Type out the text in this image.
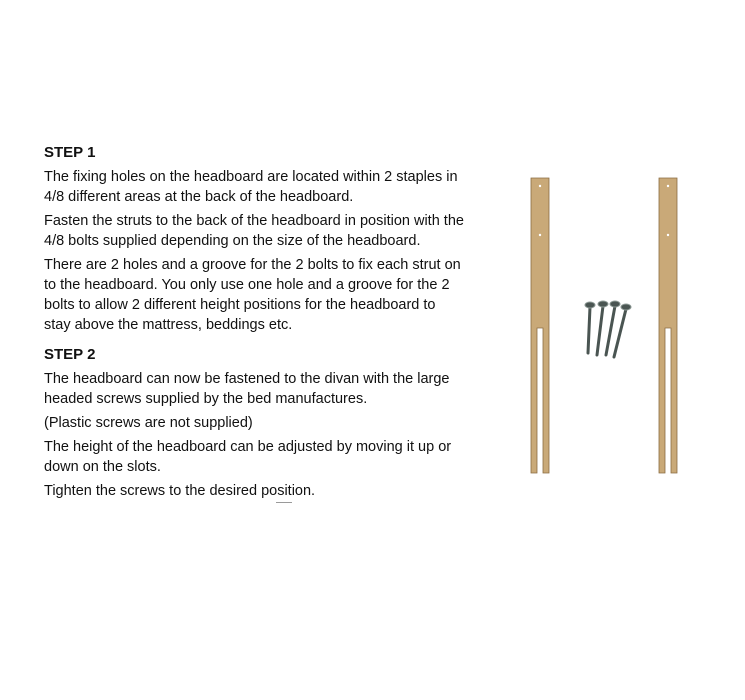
STEP 1

The fixing holes on the headboard are located within 2 staples in 4/8 different areas at the back of the headboard.

Fasten the struts to the back of the headboard in position with the 4/8 bolts supplied depending on the size of the headboard.

There are 2 holes and a groove for the 2 bolts to fix each strut on to the headboard. You only use one hole and a groove for the 2 bolts to allow 2 different height positions for the headboard to stay above the mattress, beddings etc.

STEP 2

The headboard can now be fastened to the divan with the large headed screws supplied by the bed manufactures.

(Plastic screws are not supplied)

The height of the headboard can be adjusted by moving it up or down on the slots.

Tighten the screws to the desired position.
